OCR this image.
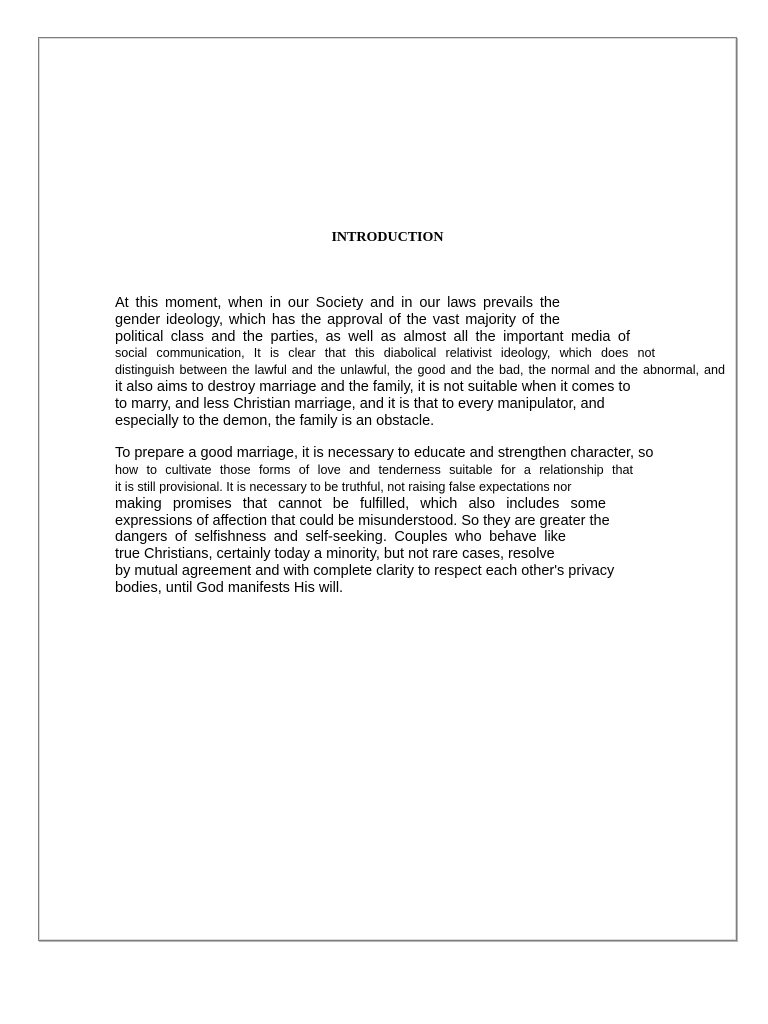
INTRODUCTION
At this moment, when in our Society and in our laws prevails the
gender ideology, which has the approval of the vast majority of the
political class and the parties, as well as almost all the important media of
social communication, It is clear that this diabolical relativist ideology, which does not
distinguish between the lawful and the unlawful, the good and the bad, the normal and the abnormal, and
it also aims to destroy marriage and the family, it is not suitable when it comes to
to marry, and less Christian marriage, and it is that to every manipulator, and
especially to the demon, the family is an obstacle.
To prepare a good marriage, it is necessary to educate and strengthen character, so
how to cultivate those forms of love and tenderness suitable for a relationship that
it is still provisional. It is necessary to be truthful, not raising false expectations nor
making promises that cannot be fulfilled, which also includes some
expressions of affection that could be misunderstood. So they are greater the
dangers of selfishness and self-seeking. Couples who behave like
true Christians, certainly today a minority, but not rare cases, resolve
by mutual agreement and with complete clarity to respect each other's privacy
bodies, until God manifests His will.
